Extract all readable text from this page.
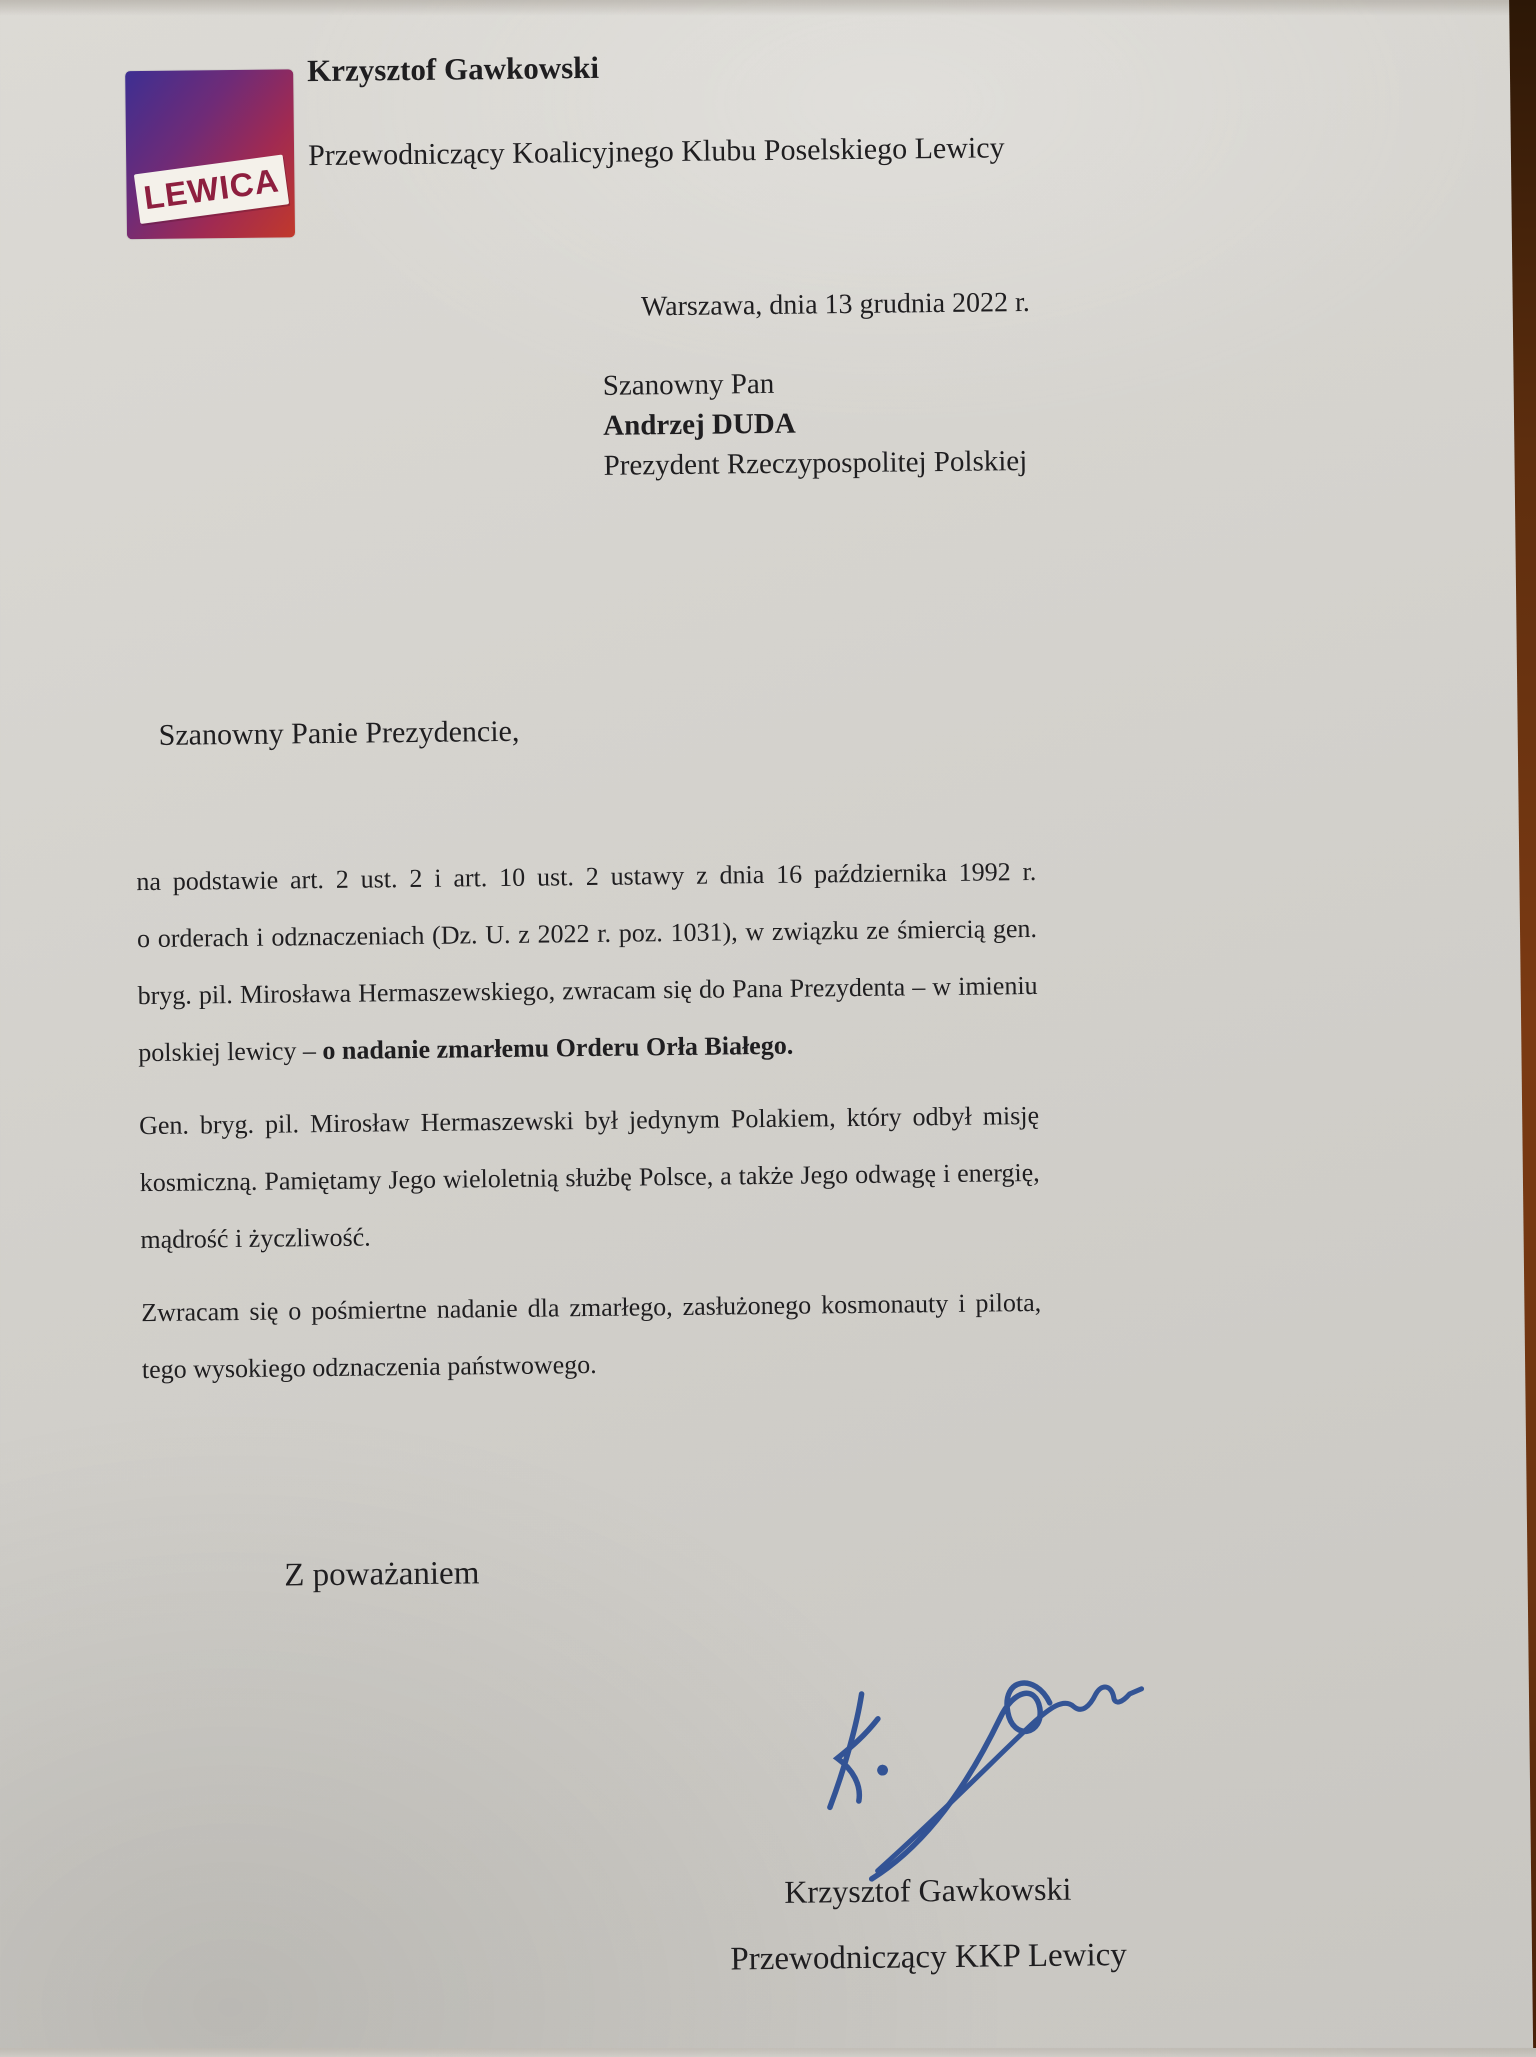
LEWICA
Krzysztof Gawkowski
Przewodniczący Koalicyjnego Klubu Poselskiego Lewicy
Warszawa, dnia 13 grudnia 2022 r.
Szanowny Pan
Andrzej DUDA
Prezydent Rzeczypospolitej Polskiej
Szanowny Panie Prezydencie,
na podstawie art. 2 ust. 2 i art. 10 ust. 2 ustawy z dnia 16 października 1992 r.
o orderach i odznaczeniach (Dz. U. z 2022 r. poz. 1031), w związku ze śmiercią gen.
bryg. pil. Mirosława Hermaszewskiego, zwracam się do Pana Prezydenta – w imieniu
polskiej lewicy – o nadanie zmarłemu Orderu Orła Białego.
Gen. bryg. pil. Mirosław Hermaszewski był jedynym Polakiem, który odbył misję
kosmiczną. Pamiętamy Jego wieloletnią służbę Polsce, a także Jego odwagę i energię,
mądrość i życzliwość.
Zwracam się o pośmiertne nadanie dla zmarłego, zasłużonego kosmonauty i pilota,
tego wysokiego odznaczenia państwowego.
Z poważaniem
Krzysztof Gawkowski
Przewodniczący KKP Lewicy
